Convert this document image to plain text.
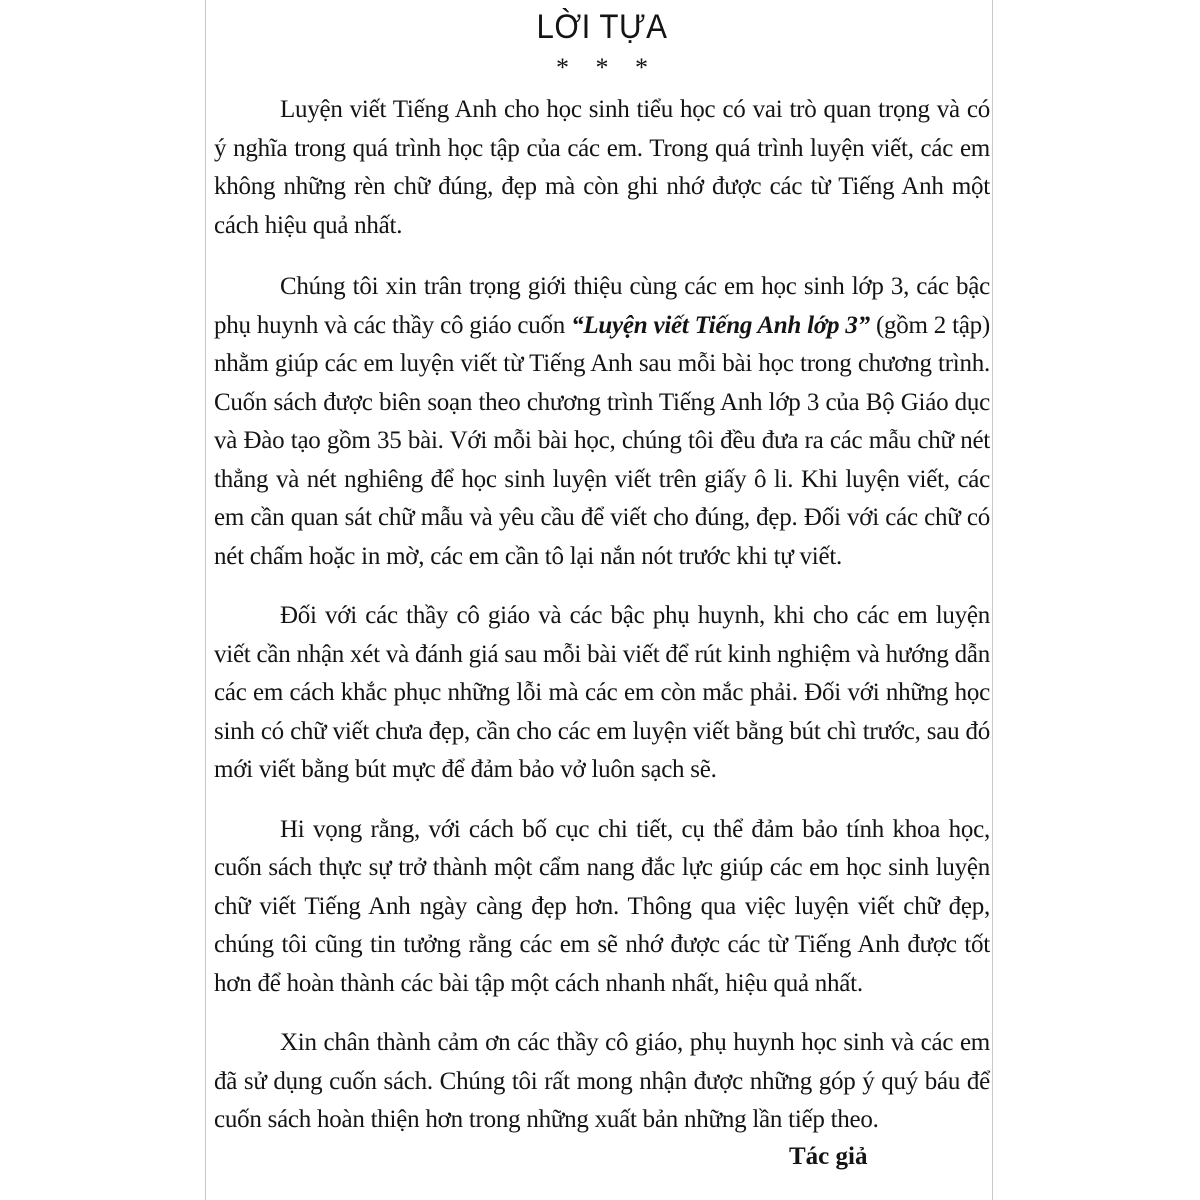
LỜI TỰA

* * *

Luyện viết Tiếng Anh cho học sinh tiểu học có vai trò quan trọng và có ý nghĩa trong quá trình học tập của các em. Trong quá trình luyện viết, các em không những rèn chữ đúng, đẹp mà còn ghi nhớ được các từ Tiếng Anh một cách hiệu quả nhất.

Chúng tôi xin trân trọng giới thiệu cùng các em học sinh lớp 3, các bậc phụ huynh và các thầy cô giáo cuốn “Luyện viết Tiếng Anh lớp 3” (gồm 2 tập) nhằm giúp các em luyện viết từ Tiếng Anh sau mỗi bài học trong chương trình. Cuốn sách được biên soạn theo chương trình Tiếng Anh lớp 3 của Bộ Giáo dục và Đào tạo gồm 35 bài. Với mỗi bài học, chúng tôi đều đưa ra các mẫu chữ nét thẳng và nét nghiêng để học sinh luyện viết trên giấy ô li. Khi luyện viết, các em cần quan sát chữ mẫu và yêu cầu để viết cho đúng, đẹp. Đối với các chữ có nét chấm hoặc in mờ, các em cần tô lại nắn nót trước khi tự viết.

Đối với các thầy cô giáo và các bậc phụ huynh, khi cho các em luyện viết cần nhận xét và đánh giá sau mỗi bài viết để rút kinh nghiệm và hướng dẫn các em cách khắc phục những lỗi mà các em còn mắc phải. Đối với những học sinh có chữ viết chưa đẹp, cần cho các em luyện viết bằng bút chì trước, sau đó mới viết bằng bút mực để đảm bảo vở luôn sạch sẽ.

Hi vọng rằng, với cách bố cục chi tiết, cụ thể đảm bảo tính khoa học, cuốn sách thực sự trở thành một cẩm nang đắc lực giúp các em học sinh luyện chữ viết Tiếng Anh ngày càng đẹp hơn. Thông qua việc luyện viết chữ đẹp, chúng tôi cũng tin tưởng rằng các em sẽ nhớ được các từ Tiếng Anh được tốt hơn để hoàn thành các bài tập một cách nhanh nhất, hiệu quả nhất.

Xin chân thành cảm ơn các thầy cô giáo, phụ huynh học sinh và các em đã sử dụng cuốn sách. Chúng tôi rất mong nhận được những góp ý quý báu để cuốn sách hoàn thiện hơn trong những xuất bản những lần tiếp theo.

Tác giả
